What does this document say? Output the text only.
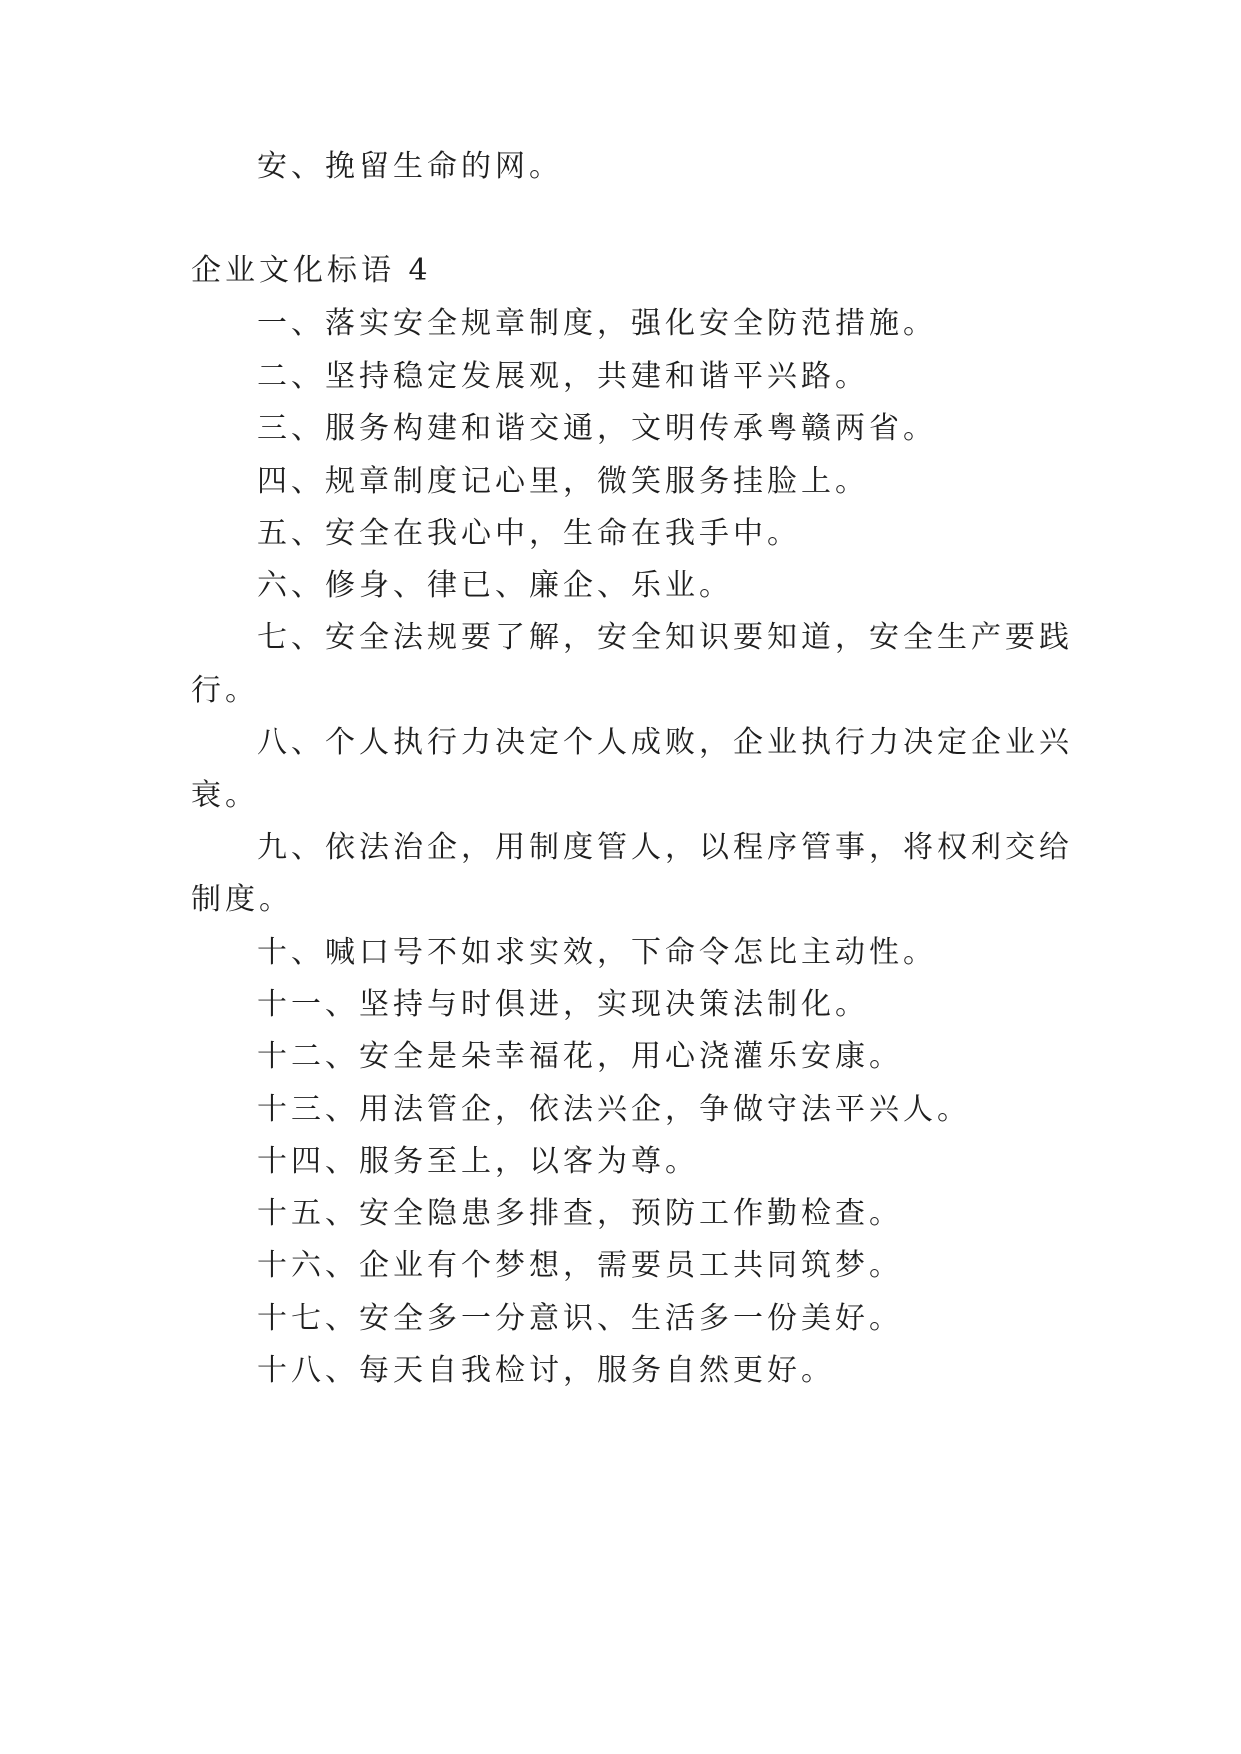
安、挽留生命的网。
企业文化标语 4
一、落实安全规章制度，强化安全防范措施。
二、坚持稳定发展观，共建和谐平兴路。
三、服务构建和谐交通，文明传承粤赣两省。
四、规章制度记心里，微笑服务挂脸上。
五、安全在我心中，生命在我手中。
六、修身、律已、廉企、乐业。
七、安全法规要了解，安全知识要知道，安全生产要践
行。
八、个人执行力决定个人成败，企业执行力决定企业兴
衰。
九、依法治企，用制度管人，以程序管事，将权利交给
制度。
十、喊口号不如求实效，下命令怎比主动性。
十一、坚持与时俱进，实现决策法制化。
十二、安全是朵幸福花，用心浇灌乐安康。
十三、用法管企，依法兴企，争做守法平兴人。
十四、服务至上，以客为尊。
十五、安全隐患多排查，预防工作勤检查。
十六、企业有个梦想，需要员工共同筑梦。
十七、安全多一分意识、生活多一份美好。
十八、每天自我检讨，服务自然更好。
